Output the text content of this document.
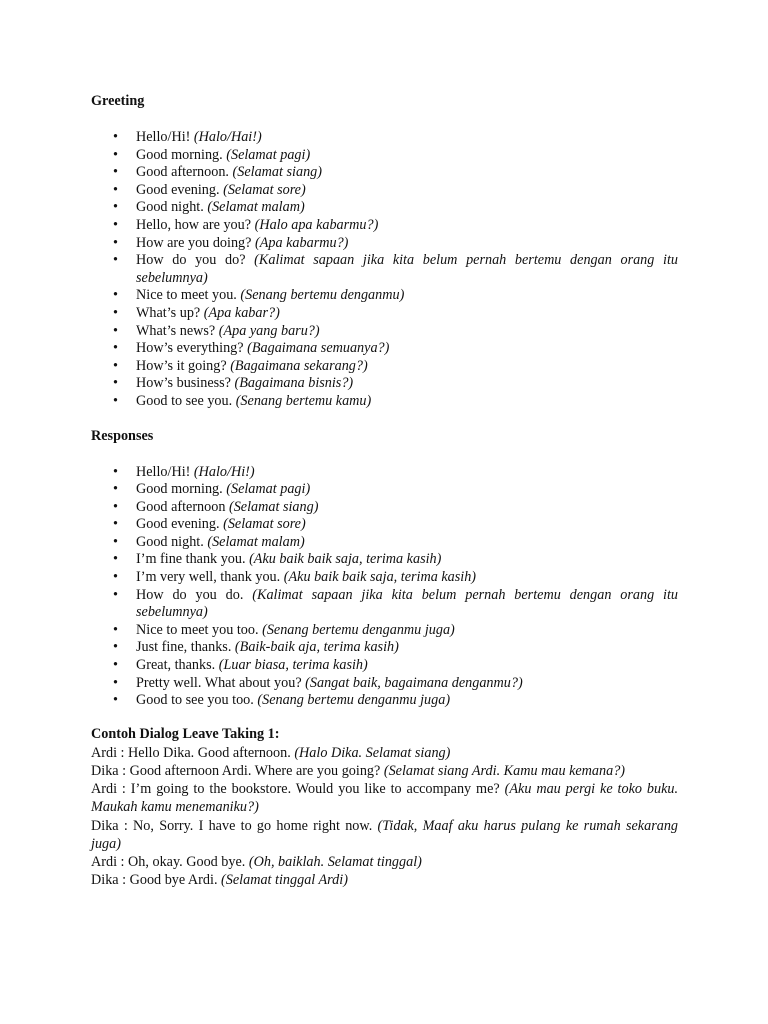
Greeting

• Hello/Hi! (Halo/Hai!)
• Good morning. (Selamat pagi)
• Good afternoon. (Selamat siang)
• Good evening. (Selamat sore)
• Good night. (Selamat malam)
• Hello, how are you? (Halo apa kabarmu?)
• How are you doing? (Apa kabarmu?)
• How do you do? (Kalimat sapaan jika kita belum pernah bertemu dengan orang itu sebelumnya)
• Nice to meet you. (Senang bertemu denganmu)
• What’s up? (Apa kabar?)
• What’s news? (Apa yang baru?)
• How’s everything? (Bagaimana semuanya?)
• How’s it going? (Bagaimana sekarang?)
• How’s business? (Bagaimana bisnis?)
• Good to see you. (Senang bertemu kamu)

Responses

• Hello/Hi! (Halo/Hi!)
• Good morning. (Selamat pagi)
• Good afternoon (Selamat siang)
• Good evening. (Selamat sore)
• Good night. (Selamat malam)
• I’m fine thank you. (Aku baik baik saja, terima kasih)
• I’m very well, thank you. (Aku baik baik saja, terima kasih)
• How do you do. (Kalimat sapaan jika kita belum pernah bertemu dengan orang itu sebelumnya)
• Nice to meet you too. (Senang bertemu denganmu juga)
• Just fine, thanks. (Baik-baik aja, terima kasih)
• Great, thanks. (Luar biasa, terima kasih)
• Pretty well. What about you? (Sangat baik, bagaimana denganmu?)
• Good to see you too. (Senang bertemu denganmu juga)

Contoh Dialog Leave Taking 1:

Ardi : Hello Dika. Good afternoon. (Halo Dika. Selamat siang)

Dika : Good afternoon Ardi. Where are you going? (Selamat siang Ardi. Kamu mau kemana?)

Ardi : I’m going to the bookstore. Would you like to accompany me? (Aku mau pergi ke toko buku. Maukah kamu menemaniku?)

Dika : No, Sorry. I have to go home right now. (Tidak, Maaf aku harus pulang ke rumah sekarang juga)

Ardi : Oh, okay. Good bye. (Oh, baiklah. Selamat tinggal)

Dika : Good bye Ardi. (Selamat tinggal Ardi)
